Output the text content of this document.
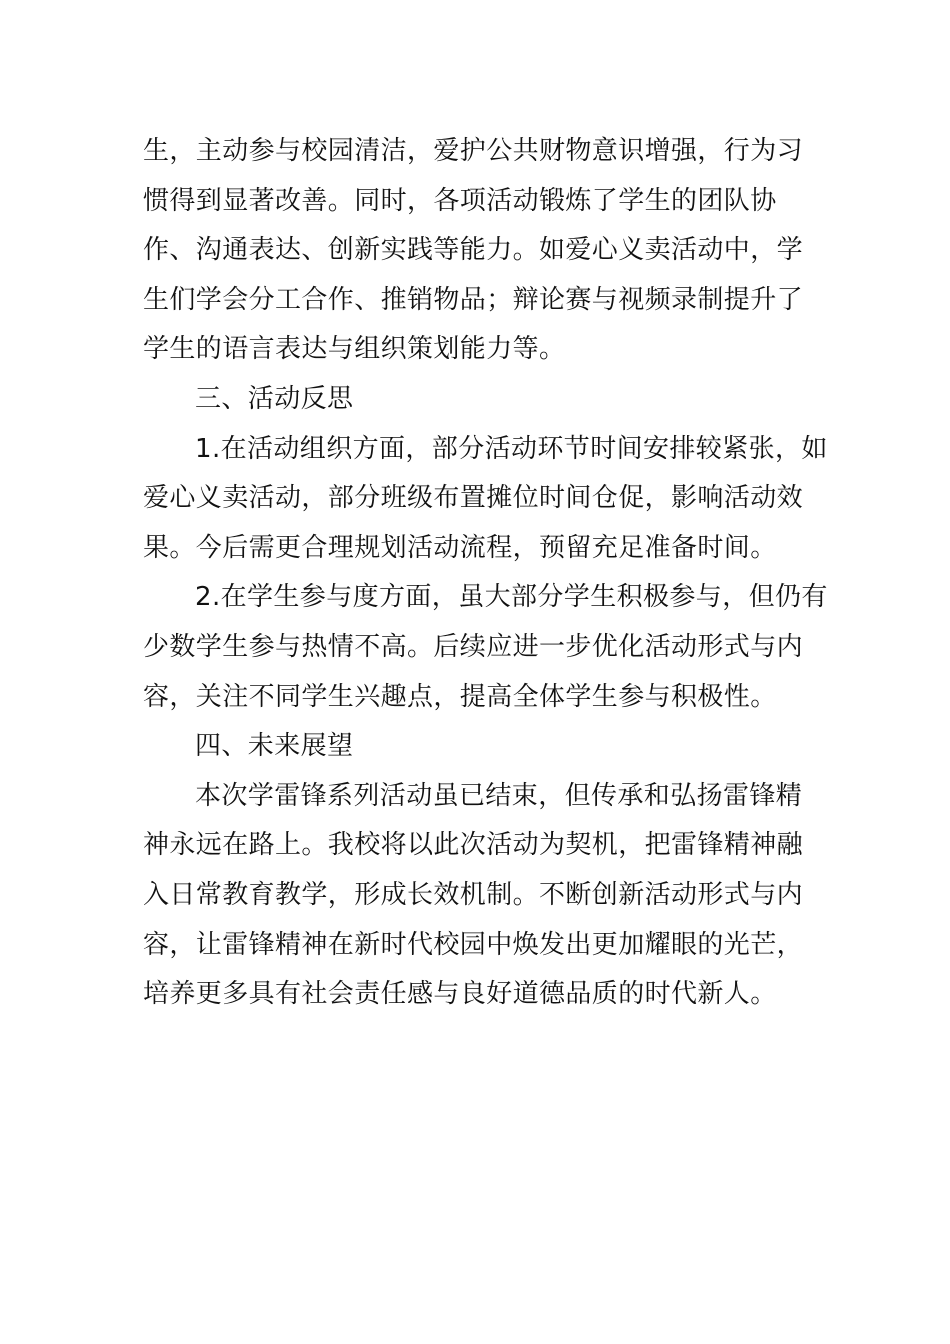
生，主动参与校园清洁，爱护公共财物意识增强，行为习
惯得到显著改善。同时，各项活动锻炼了学生的团队协
作、沟通表达、创新实践等能力。如爱心义卖活动中，学
生们学会分工合作、推销物品；辩论赛与视频录制提升了
学生的语言表达与组织策划能力等。
三、活动反思
1.在活动组织方面，部分活动环节时间安排较紧张，如
爱心义卖活动，部分班级布置摊位时间仓促，影响活动效
果。今后需更合理规划活动流程，预留充足准备时间。
2.在学生参与度方面，虽大部分学生积极参与，但仍有
少数学生参与热情不高。后续应进一步优化活动形式与内
容，关注不同学生兴趣点，提高全体学生参与积极性。
四、未来展望
本次学雷锋系列活动虽已结束，但传承和弘扬雷锋精
神永远在路上。我校将以此次活动为契机，把雷锋精神融
入日常教育教学，形成长效机制。不断创新活动形式与内
容，让雷锋精神在新时代校园中焕发出更加耀眼的光芒，
培养更多具有社会责任感与良好道德品质的时代新人。
